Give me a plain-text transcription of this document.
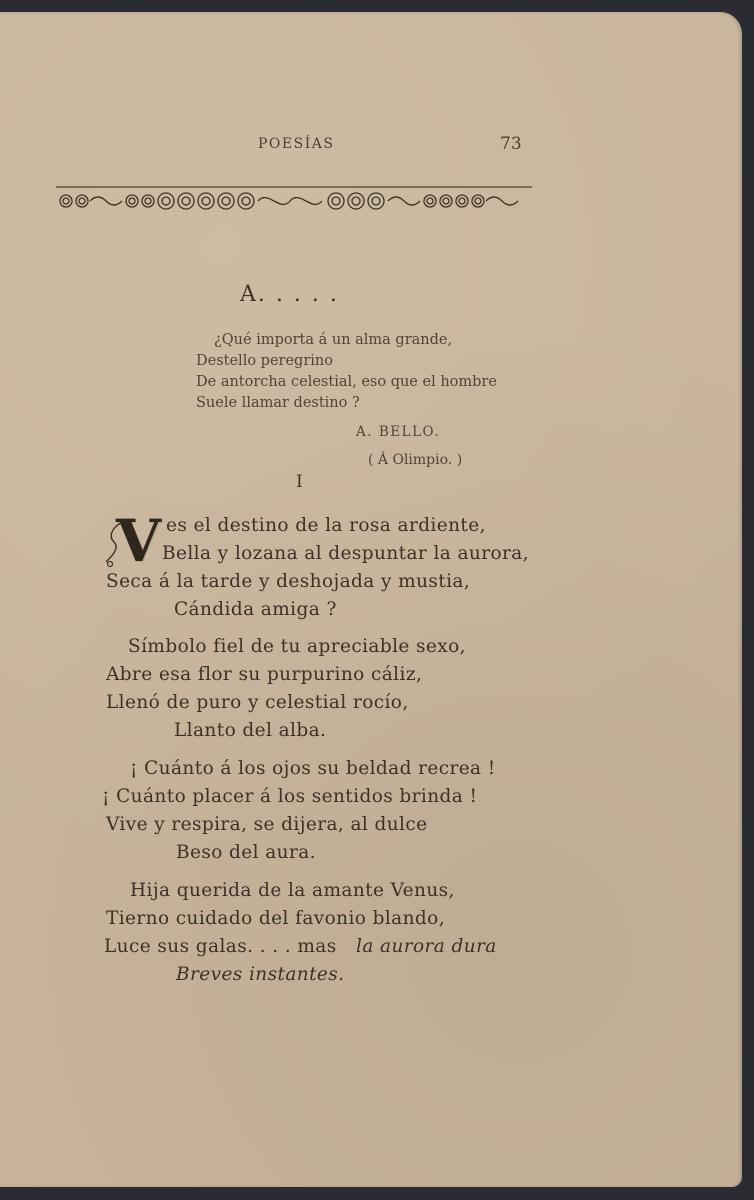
POESÍAS	73
A. . . . .
¿Qué importa á un alma grande,
Destello peregrino
De antorcha celestial, eso que el hombre
Suele llamar destino ?
A. BELLO.
( Á Olimpio. )
I
V es el destino de la rosa ardiente,
Bella y lozana al despuntar la aurora,
Seca á la tarde y deshojada y mustia,
Cándida amiga ?
Símbolo fiel de tu apreciable sexo,
Abre esa flor su purpurino cáliz,
Llenó de puro y celestial rocío,
Llanto del alba.
¡ Cuánto á los ojos su beldad recrea !
¡ Cuánto placer á los sentidos brinda !
Vive y respira, se dijera, al dulce
Beso del aura.
Hija querida de la amante Venus,
Tierno cuidado del favonio blando,
Luce sus galas. . . . mas la aurora dura
Breves instantes.
